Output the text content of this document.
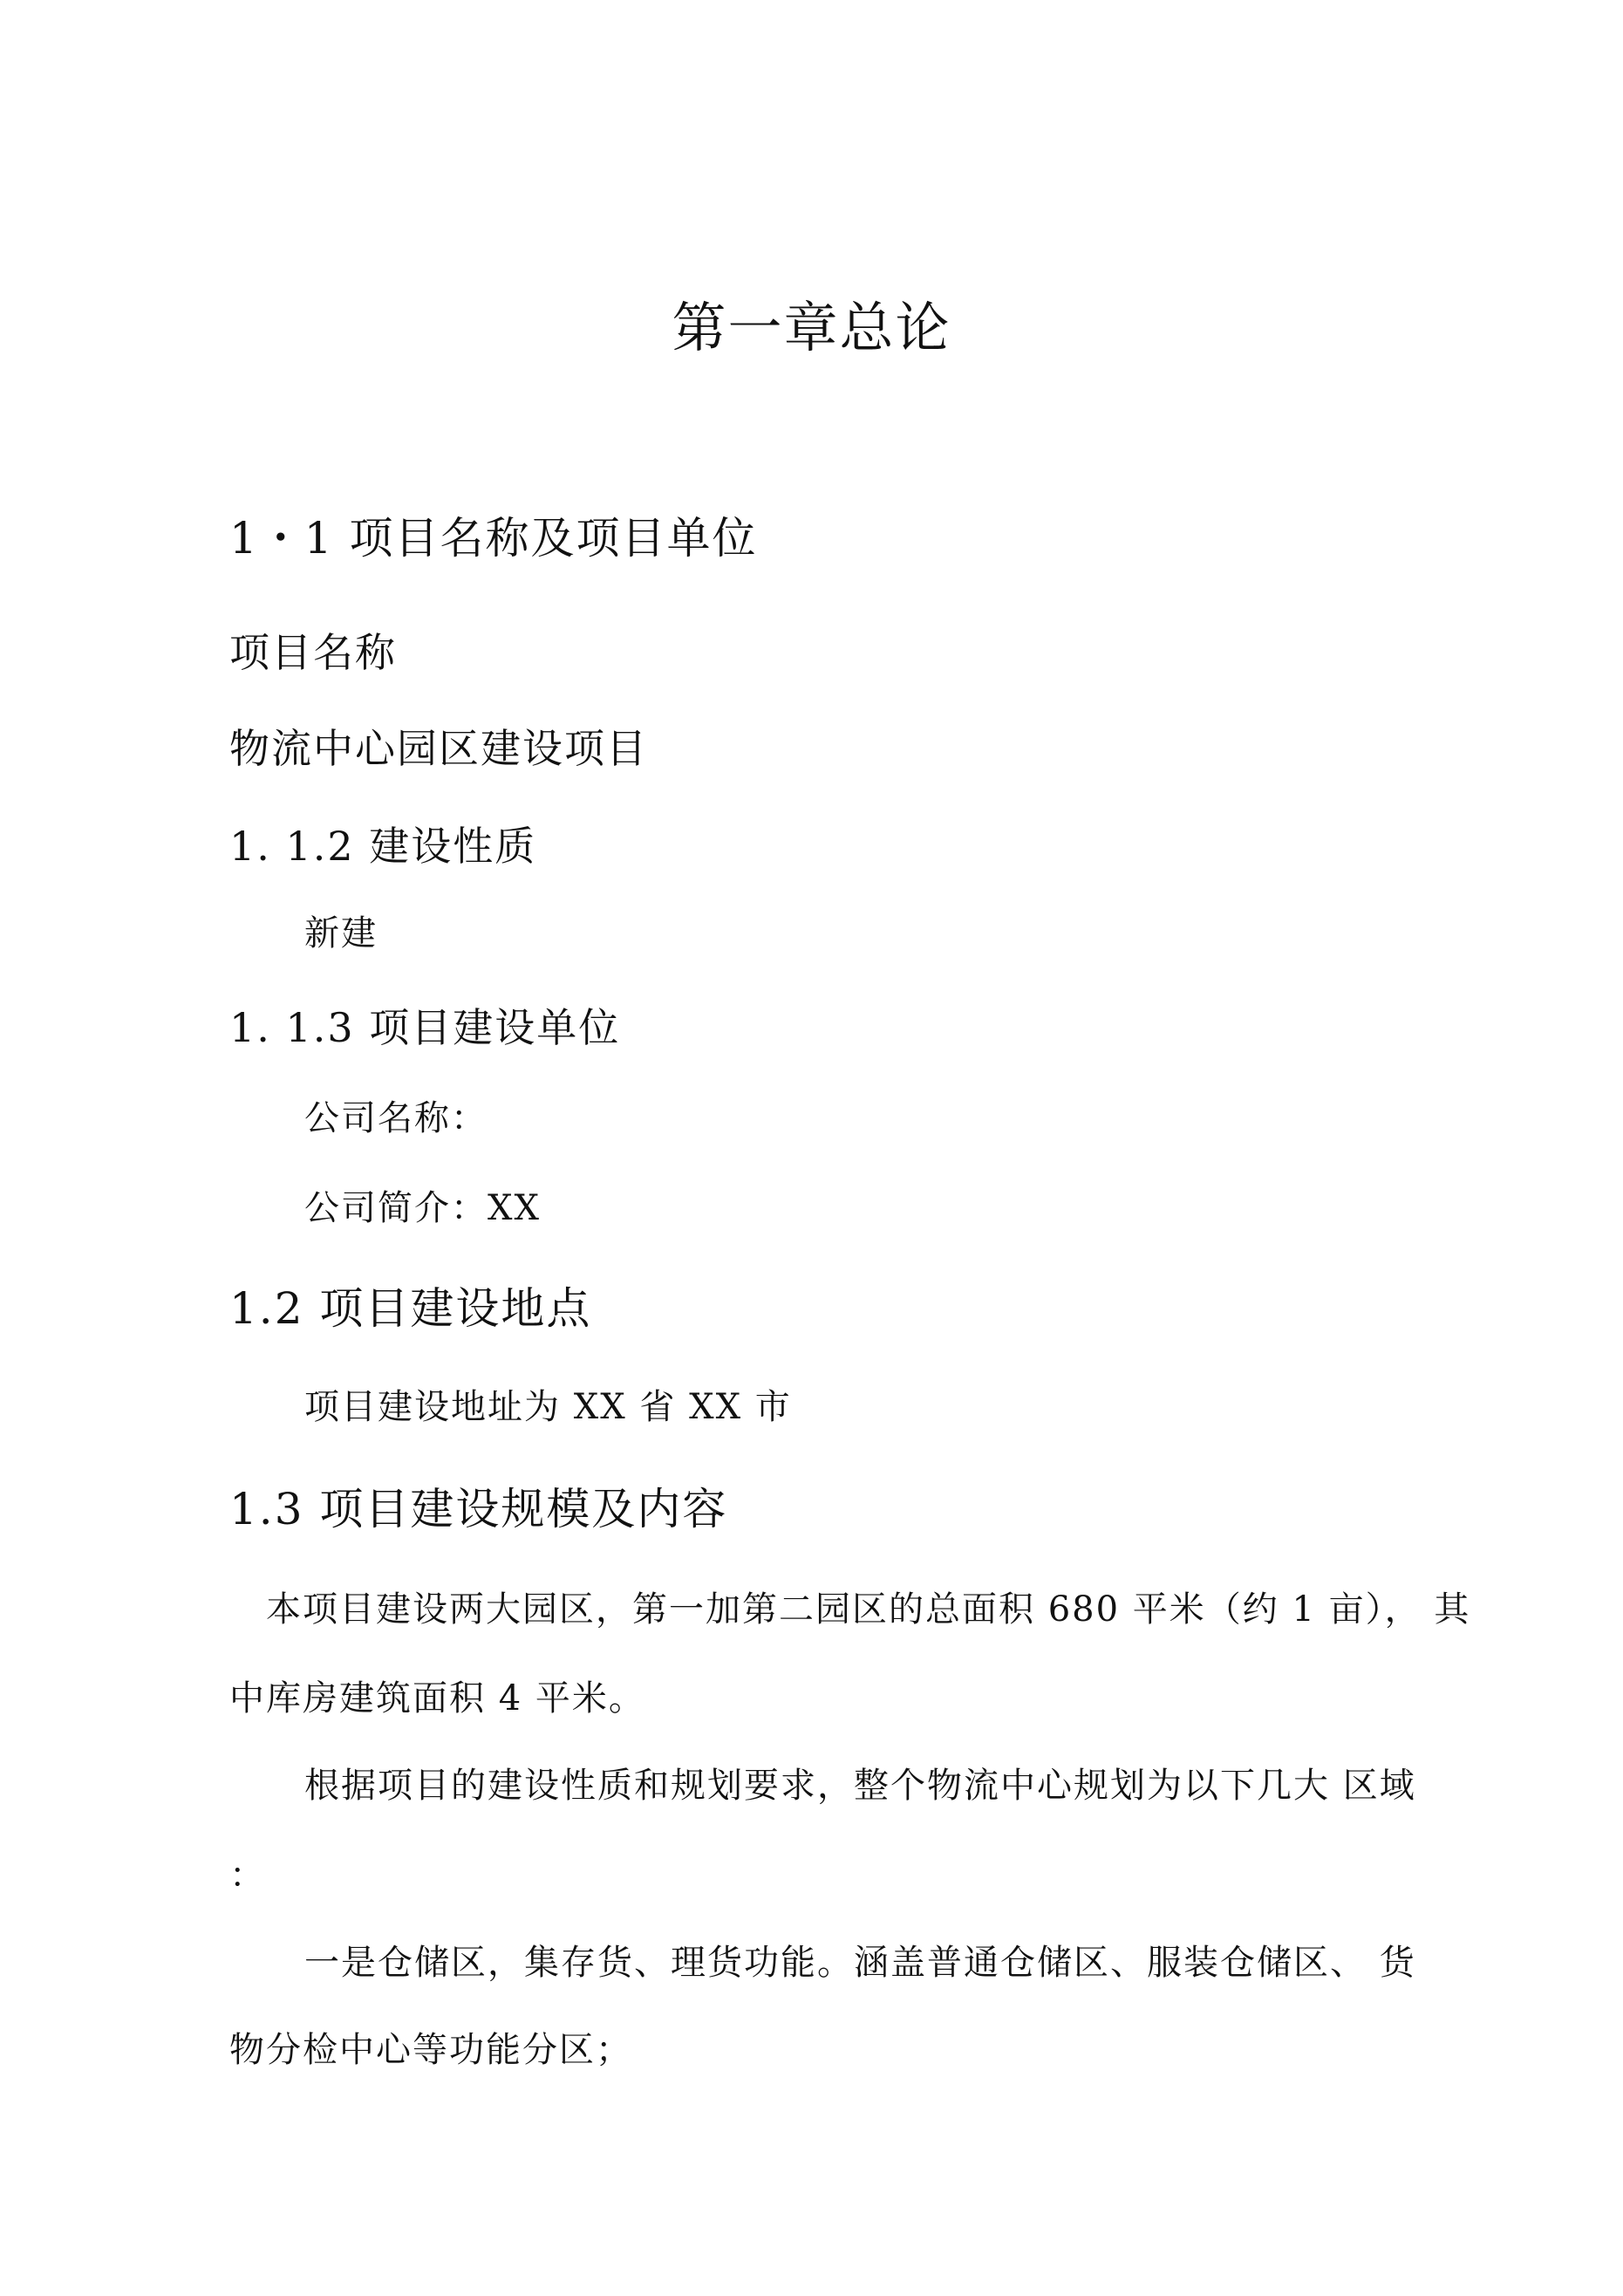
第一章总论
1・1 项目名称及项目单位
项目名称
物流中心园区建设项目
1. 1.2 建设性质
新建
1. 1.3 项目建设单位
公司名称：
公司简介：XX
1.2 项目建设地点
项目建设地址为 XX 省 XX 市
1.3 项目建设规模及内容
本项目建设两大园区，第一加第二园区的总面积 680 平米（约 1 亩）， 其
中库房建筑面积 4 平米。
根据项目的建设性质和规划要求，整个物流中心规划为以下几大 区域
：
一是仓储区，集存货、理货功能。涵盖普通仓储区、服装仓储区、 货
物分检中心等功能分区；
